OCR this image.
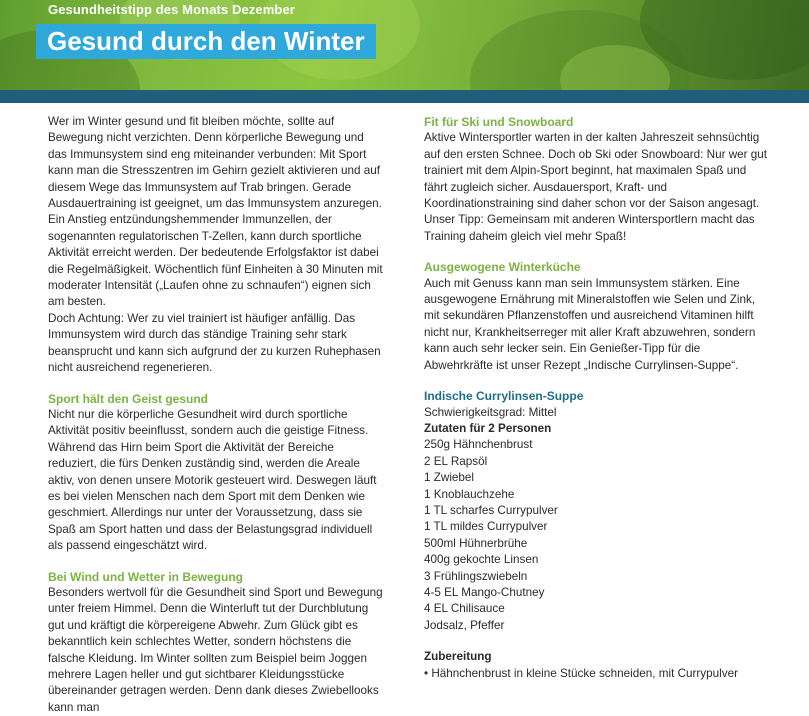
Gesundheitstipp des Monats Dezember
Gesund durch den Winter

Wer im Winter gesund und fit bleiben möchte, sollte auf Bewegung nicht verzichten. Denn körperliche Bewegung und das Immunsystem sind eng miteinander verbunden: Mit Sport kann man die Stresszentren im Gehirn gezielt aktivieren und auf diesem Wege das Immunsystem auf Trab bringen. Gerade Ausdauertraining ist geeignet, um das Immunsystem anzuregen. Ein Anstieg entzündungshemmender Immunzellen, der sogenannten regulatorischen T-Zellen, kann durch sportliche Aktivität erreicht werden. Der bedeutende Erfolgsfaktor ist dabei die Regelmäßigkeit. Wöchentlich fünf Einheiten à 30 Minuten mit moderater Intensität („Laufen ohne zu schnaufen“) eignen sich am besten.

Doch Achtung: Wer zu viel trainiert ist häufiger anfällig. Das Immunsystem wird durch das ständige Training sehr stark beansprucht und kann sich aufgrund der zu kurzen Ruhephasen nicht ausreichend regenerieren.

Sport hält den Geist gesund

Nicht nur die körperliche Gesundheit wird durch sportliche Aktivität positiv beeinflusst, sondern auch die geistige Fitness. Während das Hirn beim Sport die Aktivität der Bereiche reduziert, die fürs Denken zuständig sind, werden die Areale aktiv, von denen unsere Motorik gesteuert wird. Deswegen läuft es bei vielen Menschen nach dem Sport mit dem Denken wie geschmiert. Allerdings nur unter der Voraussetzung, dass sie Spaß am Sport hatten und dass der Belastungsgrad individuell als passend eingeschätzt wird.

Bei Wind und Wetter in Bewegung

Besonders wertvoll für die Gesundheit sind Sport und Bewegung unter freiem Himmel. Denn die Winterluft tut der Durchblutung gut und kräftigt die körpereigene Abwehr. Zum Glück gibt es bekanntlich kein schlechtes Wetter, sondern höchstens die falsche Kleidung. Im Winter sollten zum Beispiel beim Joggen mehrere Lagen heller und gut sichtbarer Kleidungsstücke übereinander getragen werden. Denn dank dieses Zwiebellooks kann man

Fit für Ski und Snowboard

Aktive Wintersportler warten in der kalten Jahreszeit sehnsüchtig auf den ersten Schnee. Doch ob Ski oder Snowboard: Nur wer gut trainiert mit dem Alpin-Sport beginnt, hat maximalen Spaß und fährt zugleich sicher. Ausdauersport, Kraft- und Koordinationstraining sind daher schon vor der Saison angesagt. Unser Tipp: Gemeinsam mit anderen Wintersportlern macht das Training daheim gleich viel mehr Spaß!

Ausgewogene Winterküche

Auch mit Genuss kann man sein Immunsystem stärken. Eine ausgewogene Ernährung mit Mineralstoffen wie Selen und Zink, mit sekundären Pflanzenstoffen und ausreichend Vitaminen hilft nicht nur, Krankheitserreger mit aller Kraft abzuwehren, sondern kann auch sehr lecker sein. Ein Genießer-Tipp für die Abwehrkräfte ist unser Rezept „Indische Currylinsen-Suppe“.

Indische Currylinsen-Suppe
Schwierigkeitsgrad: Mittel
Zutaten für 2 Personen
250g Hähnchenbrust
2 EL Rapsöl
1 Zwiebel
1 Knoblauchzehe
1 TL scharfes Currypulver
1 TL mildes Currypulver
500ml Hühnerbrühe
400g gekochte Linsen
3 Frühlingszwiebeln
4-5 EL Mango-Chutney
4 EL Chilisauce
Jodsalz, Pfeffer
Zubereitung
• Hähnchenbrust in kleine Stücke schneiden, mit Currypulver
